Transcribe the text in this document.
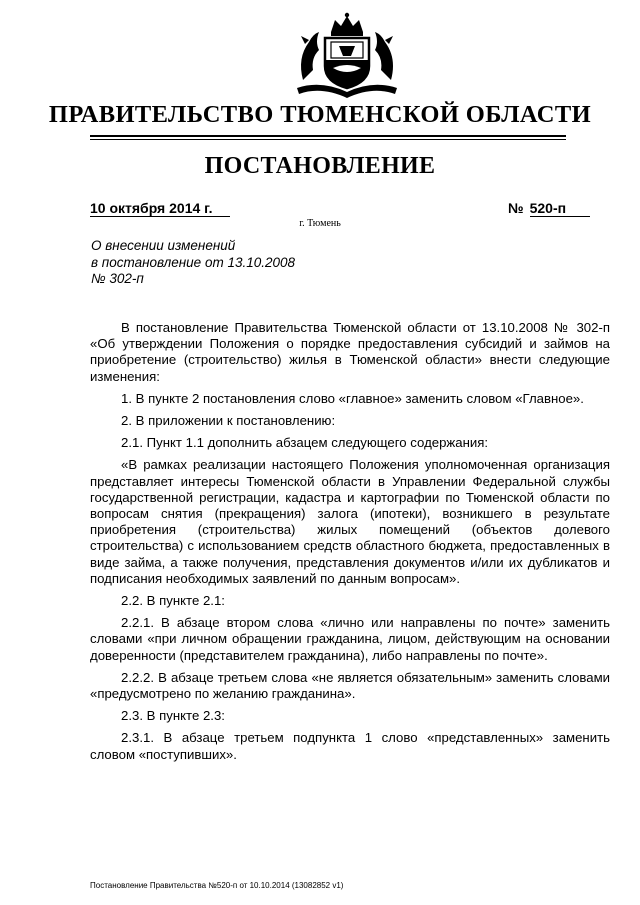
ПРАВИТЕЛЬСТВО ТЮМЕНСКОЙ ОБЛАСТИ
ПОСТАНОВЛЕНИЕ
10 октября 2014 г.	№ 520-п
г. Тюмень
О внесении изменений
в постановление от 13.10.2008
№ 302-п

В постановление Правительства Тюменской области от 13.10.2008 № 302-п «Об утверждении Положения о порядке предоставления субсидий и займов на приобретение (строительство) жилья в Тюменской области» внести следующие изменения:

1. В пункте 2 постановления слово «главное» заменить словом «Главное».

2. В приложении к постановлению:

2.1. Пункт 1.1 дополнить абзацем следующего содержания:

«В рамках реализации настоящего Положения уполномоченная организация представляет интересы Тюменской области в Управлении Федеральной службы государственной регистрации, кадастра и картографии по Тюменской области по вопросам снятия (прекращения) залога (ипотеки), возникшего в результате приобретения (строительства) жилых помещений (объектов долевого строительства) с использованием средств областного бюджета, предоставленных в виде займа, а также получения, представления документов и/или их дубликатов и подписания необходимых заявлений по данным вопросам».

2.2. В пункте 2.1:

2.2.1. В абзаце втором слова «лично или направлены по почте» заменить словами «при личном обращении гражданина, лицом, действующим на основании доверенности (представителем гражданина), либо направлены по почте».

2.2.2. В абзаце третьем слова «не является обязательным» заменить словами «предусмотрено по желанию гражданина».

2.3. В пункте 2.3:

2.3.1. В абзаце третьем подпункта 1 слово «представленных» заменить словом «поступивших».

Постановление Правительства №520-п от 10.10.2014 (13082852 v1)
